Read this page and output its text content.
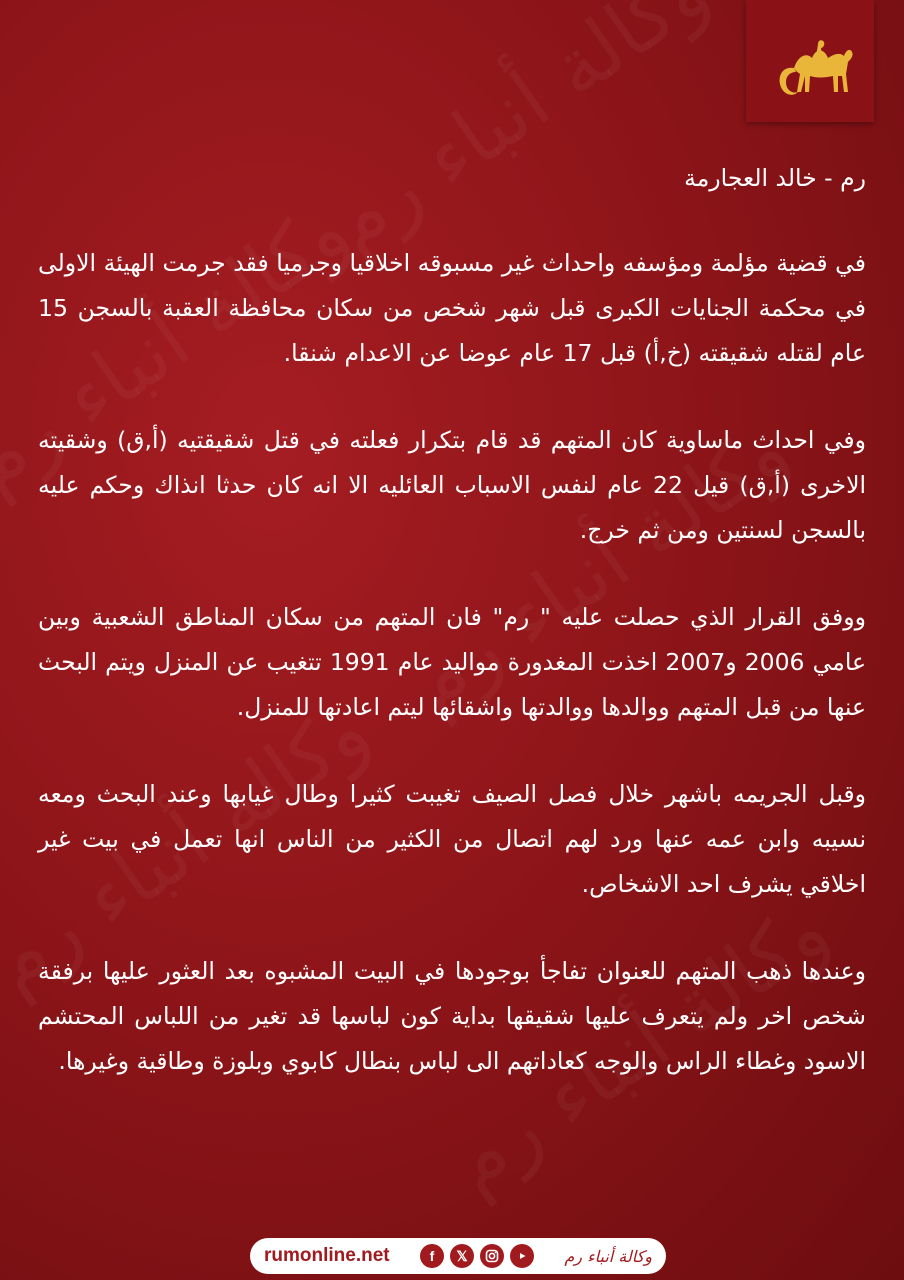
رم - خالد العجارمة

في قضية مؤلمة ومؤسفه واحداث غير مسبوقه اخلاقيا وجرميا فقد جرمت الهيئة الاولى في محكمة الجنايات الكبرى قبل شهر شخص من سكان محافظة العقبة بالسجن 15 عام لقتله شقيقته (خ,أ) قبل 17 عام عوضا عن الاعدام شنقا.

وفي احداث ماساوية كان المتهم قد قام بتكرار فعلته في قتل شقيقتيه (أ,ق) وشقيته الاخرى (أ,ق) قيل 22 عام لنفس الاسباب العائليه الا انه كان حدثا انذاك وحكم عليه بالسجن لسنتين ومن ثم خرج.

ووفق القرار الذي حصلت عليه " رم" فان المتهم من سكان المناطق الشعبية وبين عامي 2006 و2007 اخذت المغدورة مواليد عام 1991 تتغيب عن المنزل ويتم البحث عنها من قبل المتهم ووالدها ووالدتها واشقائها ليتم اعادتها للمنزل.

وقبل الجريمه باشهر خلال فصل الصيف تغيبت كثيرا وطال غيابها وعند البحث ومعه نسيبه وابن عمه عنها ورد لهم اتصال من الكثير من الناس انها تعمل في بيت غير اخلاقي يشرف احد الاشخاص.

وعندها ذهب المتهم للعنوان تفاجأ بوجودها في البيت المشبوه بعد العثور عليها برفقة شخص اخر ولم يتعرف عليها شقيقها بداية كون لباسها قد تغير من اللباس المحتشم الاسود وغطاء الراس والوجه كعاداتهم الى لباس بنطال كابوي وبلوزة وطاقية وغيرها.

rumonline.net	f	𝕏	وكالة أنباء رم
